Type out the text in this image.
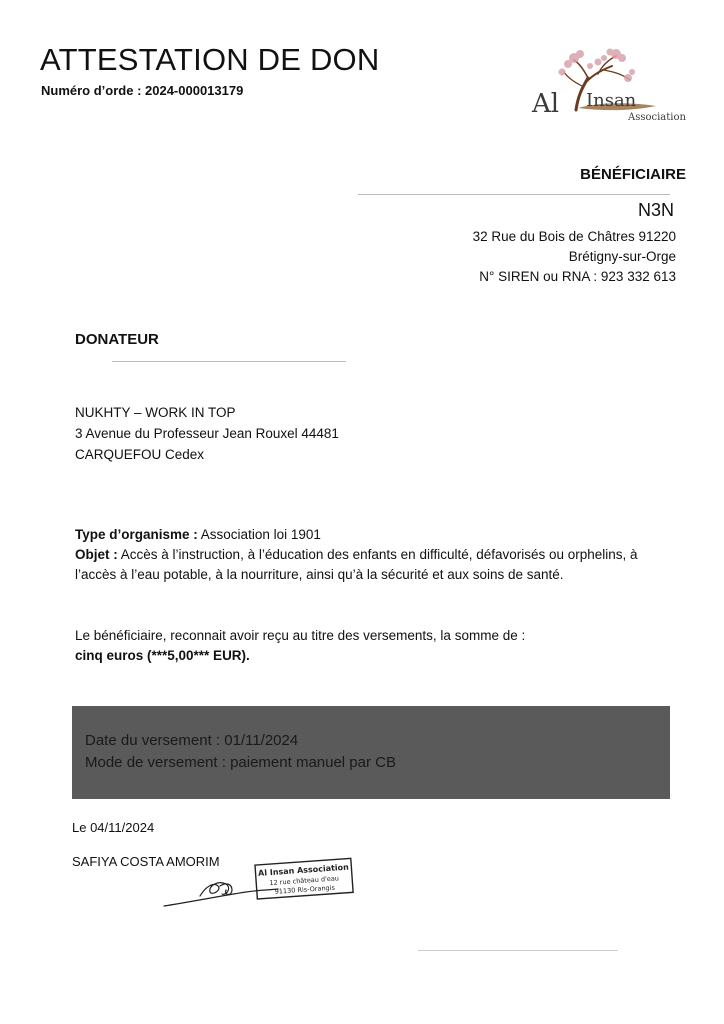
ATTESTATION DE DON
Numéro d’orde : 2024-000013179	Al Insan
Association
BÉNÉFICIAIRE
N3N
32 Rue du Bois de Châtres 91220
Brétigny-sur-Orge
N° SIREN ou RNA : 923 332 613
DONATEUR
NUKHTY – WORK IN TOP
3 Avenue du Professeur Jean Rouxel 44481
CARQUEFOU Cedex
Type d’organisme : Association loi 1901
Objet : Accès à l’instruction, à l’éducation des enfants en difficulté, défavorisés ou orphelins, à l’accès à l’eau potable, à la nourriture, ainsi qu’à la sécurité et aux soins de santé.
Le bénéficiaire, reconnait avoir reçu au titre des versements, la somme de :
cinq euros (***5,00*** EUR).
Date du versement : 01/11/2024
Mode de versement : paiement manuel par CB
Le 04/11/2024
SAFIYA COSTA AMORIM
Al Insan Association
12 rue château d'eau
91130 Ris-Orangis
